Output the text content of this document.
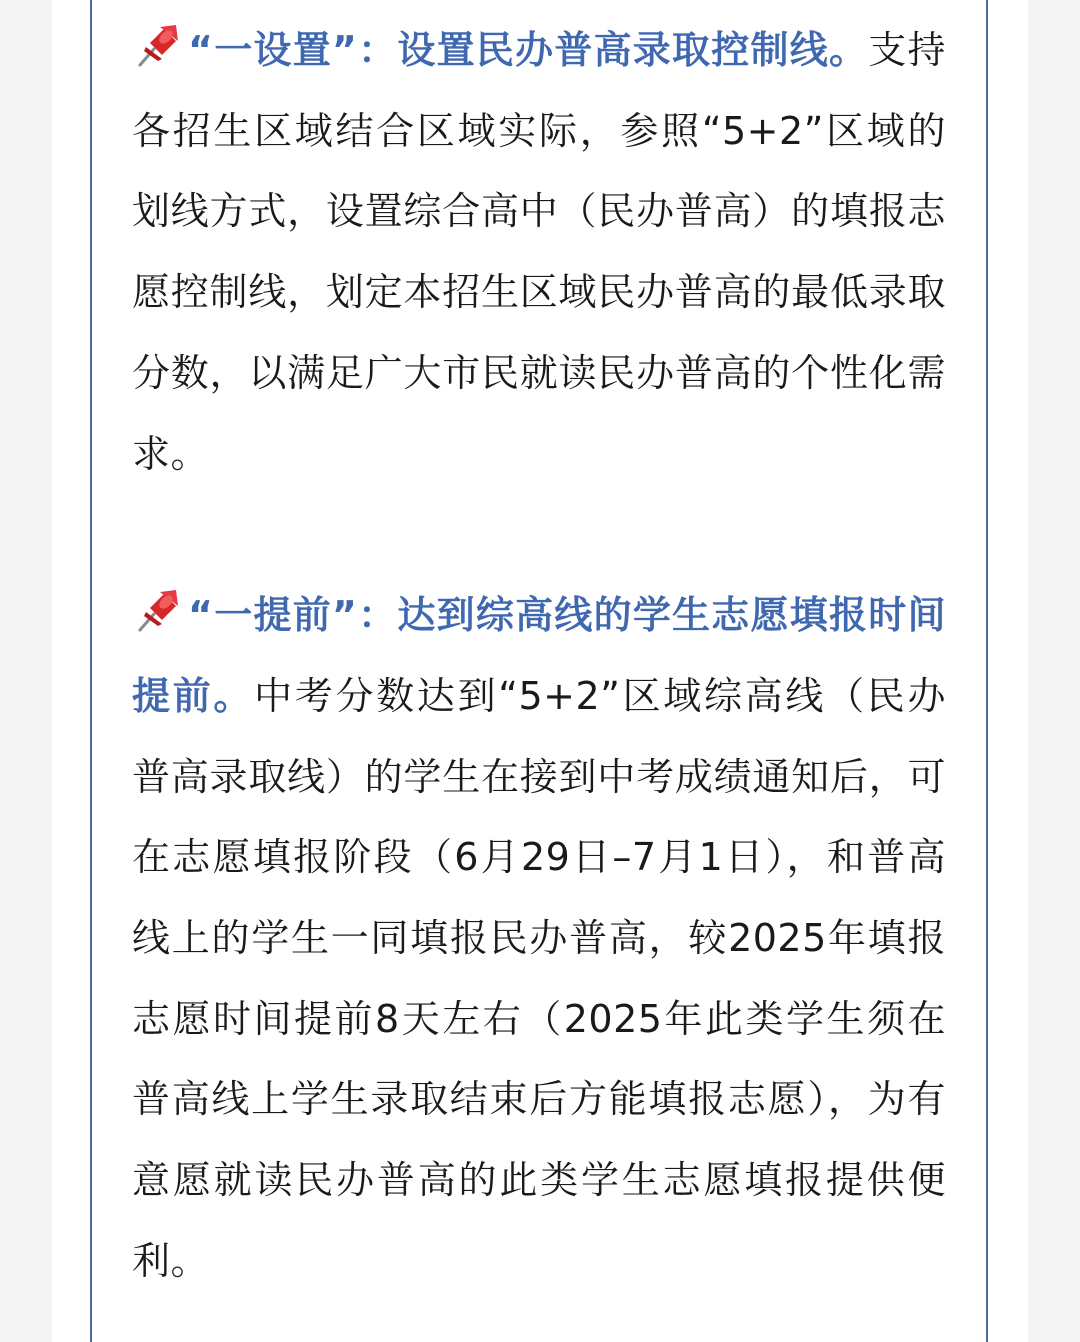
“一设置”：设置民办普高录取控制线。支持各招生区域结合区域实际，参照“5+2”区域的划线方式，设置综合高中（民办普高）的填报志愿控制线，划定本招生区域民办普高的最低录取分数，以满足广大市民就读民办普高的个性化需求。

“一提前”：达到综高线的学生志愿填报时间提前。中考分数达到“5+2”区域综高线（民办普高录取线）的学生在接到中考成绩通知后，可在志愿填报阶段（6月29日–7月1日），和普高线上的学生一同填报民办普高，较2025年填报志愿时间提前8天左右（2025年此类学生须在普高线上学生录取结束后方能填报志愿），为有意愿就读民办普高的此类学生志愿填报提供便利。
